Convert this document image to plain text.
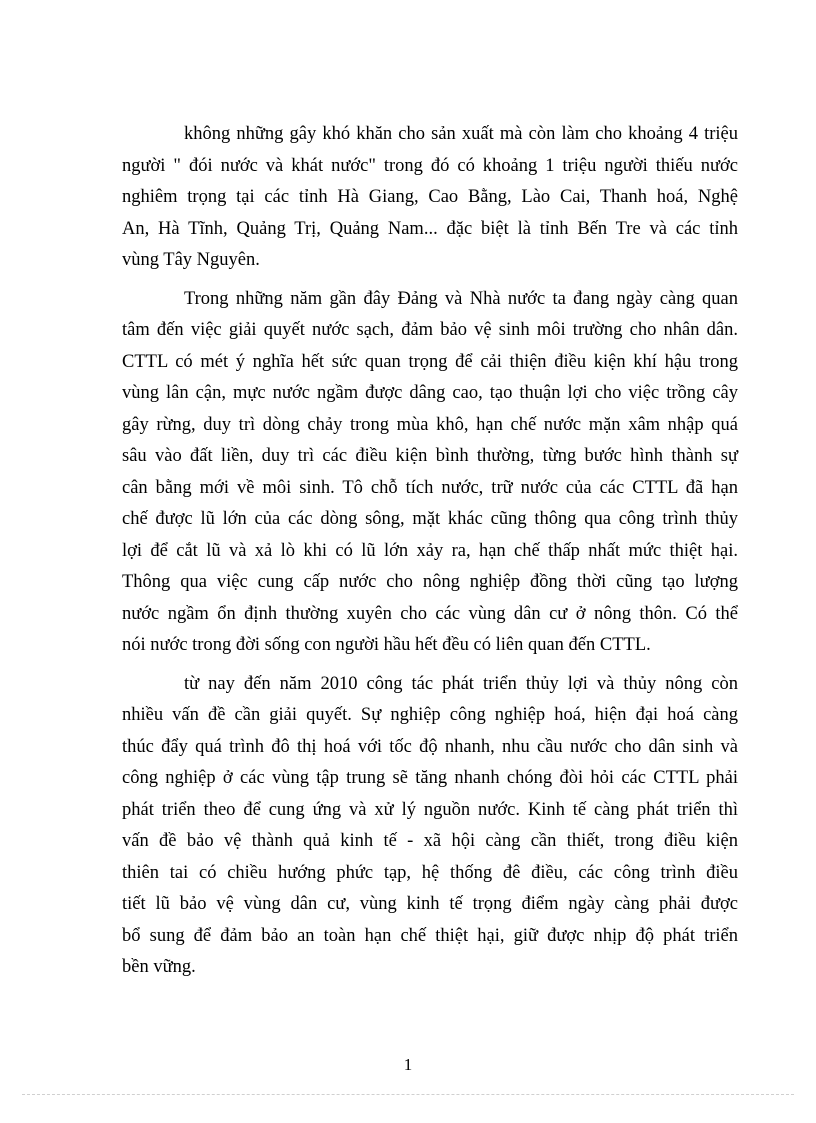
không những gây khó khăn cho sản xuất mà còn làm cho khoảng 4 triệu
người " đói nước và khát nước" trong đó có khoảng 1 triệu người thiếu nước
nghiêm trọng tại các tỉnh Hà Giang, Cao Bằng, Lào Cai, Thanh hoá, Nghệ
An, Hà Tĩnh, Quảng Trị, Quảng Nam... đặc biệt là tỉnh Bến Tre và các tỉnh
vùng Tây Nguyên.
Trong những năm gần đây Đảng và Nhà nước ta đang ngày càng quan
tâm đến việc giải quyết nước sạch, đảm bảo vệ sinh môi trường cho nhân dân.
CTTL có mét ý nghĩa hết sức quan trọng để cải thiện điều kiện khí hậu trong
vùng lân cận, mực nước ngầm được dâng cao, tạo thuận lợi cho việc trồng cây
gây rừng, duy trì dòng chảy trong mùa khô, hạn chế nước mặn xâm nhập quá
sâu vào đất liền, duy trì các điều kiện bình thường, từng bước hình thành sự
cân bằng mới về môi sinh. Tô chỗ tích nước, trữ nước của các CTTL đã hạn
chế được lũ lớn của các dòng sông, mặt khác cũng thông qua công trình thủy
lợi để cắt lũ và xả lò khi có lũ lớn xảy ra, hạn chế thấp nhất mức thiệt hại.
Thông qua việc cung cấp nước cho nông nghiệp đồng thời cũng tạo lượng
nước ngầm ổn định thường xuyên cho các vùng dân cư ở nông thôn. Có thể
nói nước trong đời sống con người hầu hết đều có liên quan đến CTTL.
từ nay đến năm 2010 công tác phát triển thủy lợi và thủy nông còn
nhiều vấn đề cần giải quyết. Sự nghiệp công nghiệp hoá, hiện đại hoá càng
thúc đẩy quá trình đô thị hoá với tốc độ nhanh, nhu cầu nước cho dân sinh và
công nghiệp ở các vùng tập trung sẽ tăng nhanh chóng đòi hỏi các CTTL phải
phát triển theo để cung ứng và xử lý nguồn nước. Kinh tế càng phát triển thì
vấn đề bảo vệ thành quả kinh tế - xã hội càng cần thiết, trong điều kiện
thiên tai có chiều hướng phức tạp, hệ thống đê điều, các công trình điều
tiết lũ bảo vệ vùng dân cư, vùng kinh tế trọng điểm ngày càng phải được
bổ sung để đảm bảo an toàn hạn chế thiệt hại, giữ được nhịp độ phát triển
bền vững.
1
